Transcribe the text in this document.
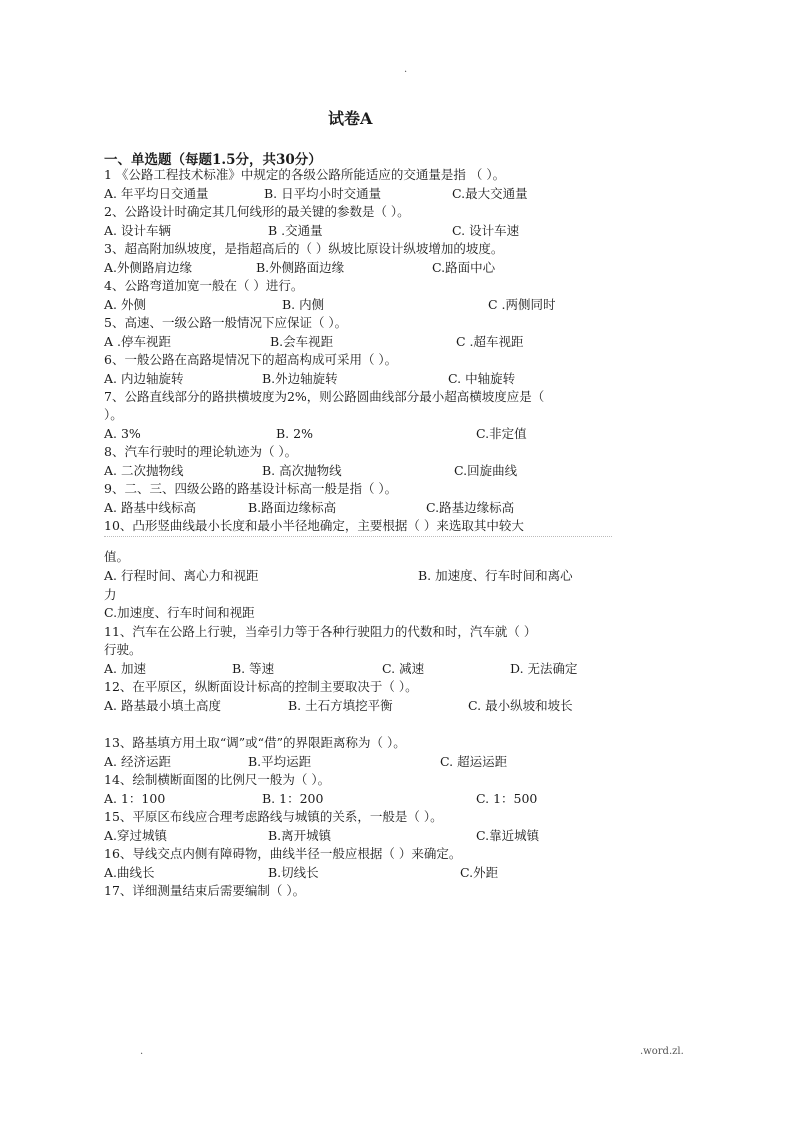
.
试卷A
一、单选题（每题1.5分，共30分）
1 《公路工程技术标准》中规定的各级公路所能适应的交通量是指 （ ）。
A. 年平均日交通量	B. 日平均小时交通量	C.最大交通量
2、公路设计时确定其几何线形的最关键的参数是（ ）。
A. 设计车辆	B .交通量	C. 设计车速
3、超高附加纵坡度，是指超高后的（ ）纵坡比原设计纵坡增加的坡度。
A.外侧路肩边缘	B.外侧路面边缘	C.路面中心
4、公路弯道加宽一般在（ ）进行。
A. 外侧	B. 内侧	C .两侧同时
5、高速、一级公路一般情况下应保证（ ）。
A .停车视距	B.会车视距	C .超车视距
6、一般公路在高路堤情况下的超高构成可采用（ ）。
A. 内边轴旋转	B.外边轴旋转	C. 中轴旋转
7、公路直线部分的路拱横坡度为2%，则公路圆曲线部分最小超高横坡度应是（
）。
A. 3%	B. 2%	C.非定值
8、汽车行驶时的理论轨迹为（ ）。
A. 二次抛物线	B. 高次抛物线	C.回旋曲线
9、二、三、四级公路的路基设计标高一般是指（ ）。
A. 路基中线标高	B.路面边缘标高	C.路基边缘标高
10、凸形竖曲线最小长度和最小半径地确定，主要根据（ ）来选取其中较大
值。
A. 行程时间、离心力和视距	B. 加速度、行车时间和离心
力
C.加速度、行车时间和视距
11、汽车在公路上行驶，当牵引力等于各种行驶阻力的代数和时，汽车就（ ）
行驶。
A. 加速	B. 等速	C. 减速	D. 无法确定
12、在平原区，纵断面设计标高的控制主要取决于（ ）。
A. 路基最小填土高度	B. 土石方填挖平衡	C. 最小纵坡和坡长
13、路基填方用土取“调”或“借”的界限距离称为（ ）。
A. 经济运距	B.平均运距	C. 超运运距
14、绘制横断面图的比例尺一般为（ ）。
A. 1：100	B. 1：200	C. 1：500
15、平原区布线应合理考虑路线与城镇的关系，一般是（ ）。
A.穿过城镇	B.离开城镇	C.靠近城镇
16、导线交点内侧有障碍物，曲线半径一般应根据（ ）来确定。
A.曲线长	B.切线长	C.外距
17、详细测量结束后需要编制（ ）。
.	.word.zl.
